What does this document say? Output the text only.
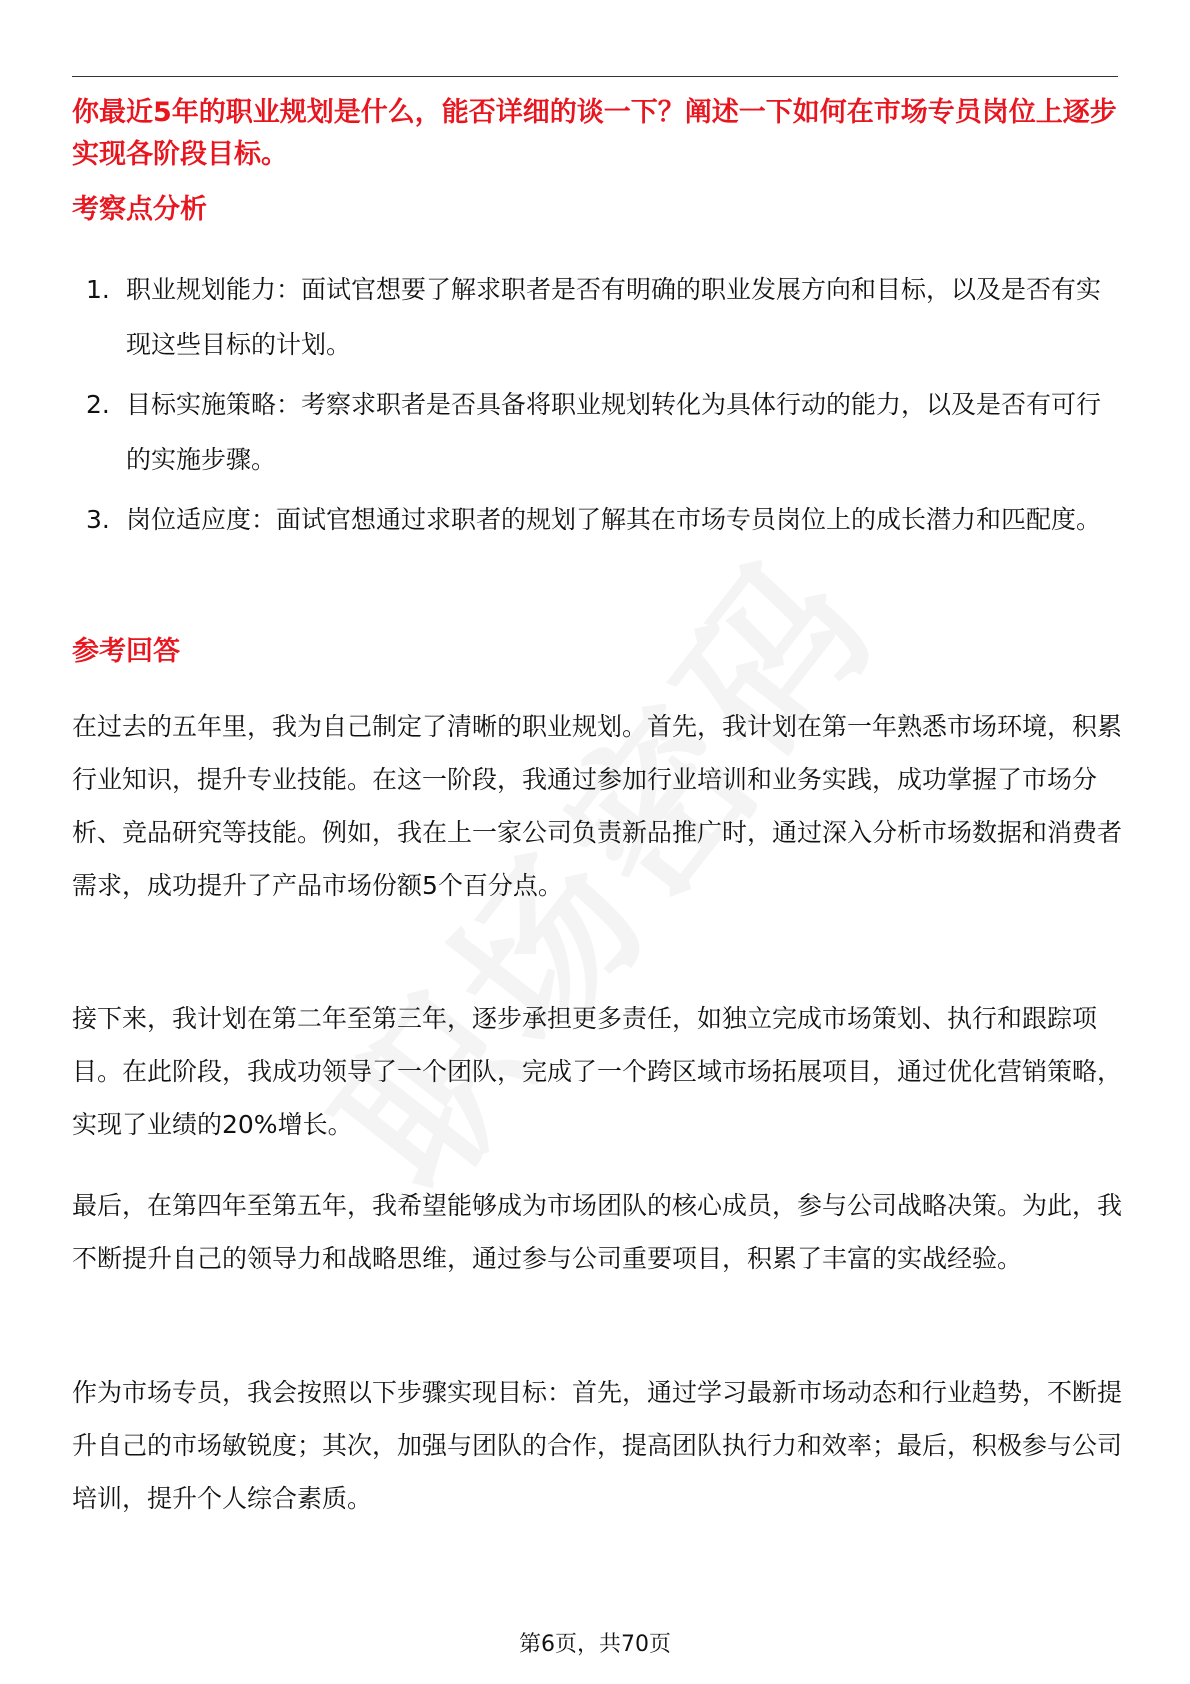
你最近5年的职业规划是什么，能否详细的谈一下？阐述一下如何在市场专员岗位上逐步实现各阶段目标。
考察点分析
1. 职业规划能力：面试官想要了解求职者是否有明确的职业发展方向和目标，以及是否有实现这些目标的计划。
2. 目标实施策略：考察求职者是否具备将职业规划转化为具体行动的能力，以及是否有可行的实施步骤。
3. 岗位适应度：面试官想通过求职者的规划了解其在市场专员岗位上的成长潜力和匹配度。
参考回答

在过去的五年里，我为自己制定了清晰的职业规划。首先，我计划在第一年熟悉市场环境，积累行业知识，提升专业技能。在这一阶段，我通过参加行业培训和业务实践，成功掌握了市场分析、竞品研究等技能。例如，我在上一家公司负责新品推广时，通过深入分析市场数据和消费者需求，成功提升了产品市场份额5个百分点。

接下来，我计划在第二年至第三年，逐步承担更多责任，如独立完成市场策划、执行和跟踪项目。在此阶段，我成功领导了一个团队，完成了一个跨区域市场拓展项目，通过优化营销策略，实现了业绩的20%增长。

最后，在第四年至第五年，我希望能够成为市场团队的核心成员，参与公司战略决策。为此，我不断提升自己的领导力和战略思维，通过参与公司重要项目，积累了丰富的实战经验。

作为市场专员，我会按照以下步骤实现目标：首先，通过学习最新市场动态和行业趋势，不断提升自己的市场敏锐度；其次，加强与团队的合作，提高团队执行力和效率；最后，积极参与公司培训，提升个人综合素质。

第6页，共70页
